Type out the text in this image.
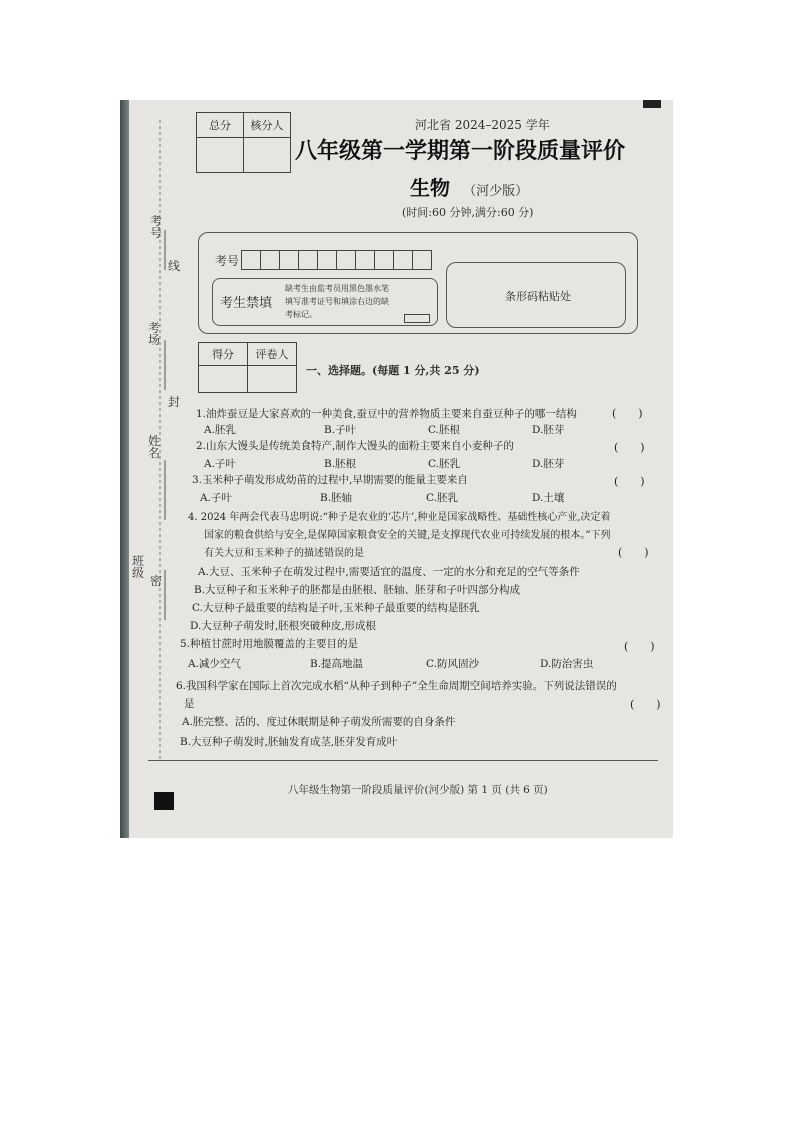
考号
线
考场
封
姓名
班级
密
总分	核分人
		河北省 2024–2025 学年
八年级第一学期第一阶段质量评价
生物 （河少版）
(时间:60 分钟,满分:60 分)
考号
考生禁填
缺考生由监考员用黑色墨水笔
填写准考证号和填涂右边的缺
考标记。
条形码粘贴处
得分	评卷人

一、选择题。(每题 1 分,共 25 分)
1.油炸蚕豆是大家喜欢的一种美食,蚕豆中的营养物质主要来自蚕豆种子的哪一结构	(　　)
A.胚乳	B.子叶	C.胚根	D.胚芽
2.山东大馒头是传统美食特产,制作大馒头的面粉主要来自小麦种子的	(　　)
A.子叶	B.胚根	C.胚乳	D.胚芽
3.玉米种子萌发形成幼苗的过程中,早期需要的能量主要来自	(　　)
A.子叶	B.胚轴	C.胚乳	D.土壤
4. 2024 年两会代表马忠明说:“种子是农业的‘芯片’,种业是国家战略性、基础性核心产业,决定着
国家的粮食供给与安全,是保障国家粮食安全的关键,是支撑现代农业可持续发展的根本。”下列
有关大豆和玉米种子的描述错误的是	(　　)
A.大豆、玉米种子在萌发过程中,需要适宜的温度、一定的水分和充足的空气等条件
B.大豆种子和玉米种子的胚都是由胚根、胚轴、胚芽和子叶四部分构成
C.大豆种子最重要的结构是子叶,玉米种子最重要的结构是胚乳
D.大豆种子萌发时,胚根突破种皮,形成根
5.种植甘蔗时用地膜覆盖的主要目的是	(　　)
A.减少空气	B.提高地温	C.防风固沙	D.防治害虫
6.我国科学家在国际上首次完成水稻“从种子到种子”全生命周期空间培养实验。下列说法错误的
是	(　　)
A.胚完整、活的、度过休眠期是种子萌发所需要的自身条件
B.大豆种子萌发时,胚轴发育成茎,胚芽发育成叶
八年级生物第一阶段质量评价(河少版) 第 1 页 (共 6 页)
